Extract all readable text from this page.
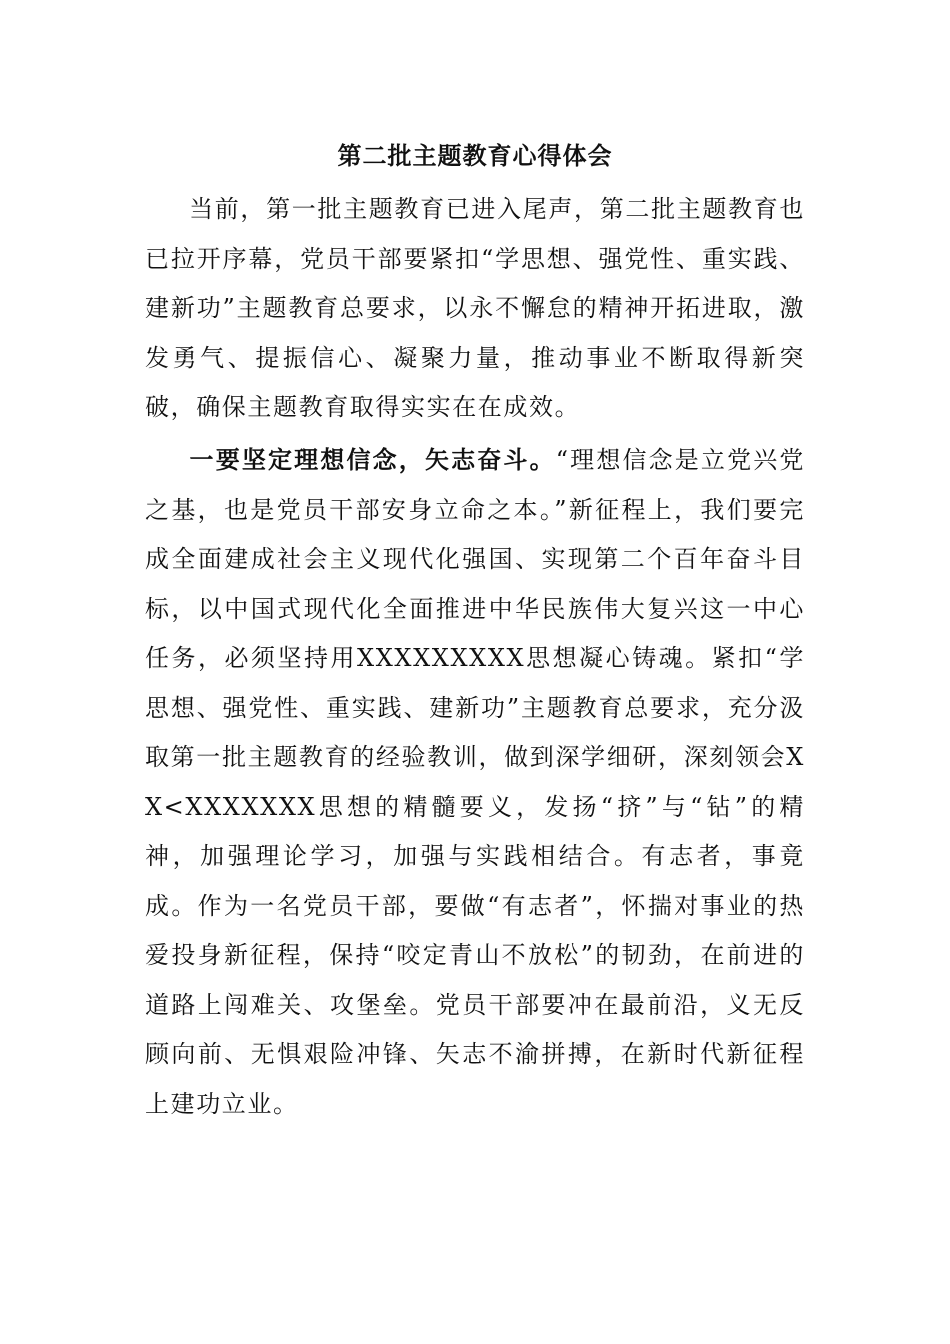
第二批主题教育心得体会

当前，第一批主题教育已进入尾声，第二批主题教育也已拉开序幕，党员干部要紧扣“学思想、强党性、重实践、建新功”主题教育总要求，以永不懈怠的精神开拓进取，激发勇气、提振信心、凝聚力量，推动事业不断取得新突破，确保主题教育取得实实在在成效。

一要坚定理想信念，矢志奋斗。“理想信念是立党兴党之基，也是党员干部安身立命之本。”新征程上，我们要完成全面建成社会主义现代化强国、实现第二个百年奋斗目标，以中国式现代化全面推进中华民族伟大复兴这一中心任务，必须坚持用XXXXXXXXX思想凝心铸魂。紧扣“学思想、强党性、重实践、建新功”主题教育总要求，充分汲取第一批主题教育的经验教训，做到深学细研，深刻领会XX<XXXXXXX思想的精髓要义，发扬“挤”与“钻”的精神，加强理论学习，加强与实践相结合。有志者，事竟成。作为一名党员干部，要做“有志者”，怀揣对事业的热爱投身新征程，保持“咬定青山不放松”的韧劲，在前进的道路上闯难关、攻堡垒。党员干部要冲在最前沿，义无反顾向前、无惧艰险冲锋、矢志不渝拼搏，在新时代新征程上建功立业。
